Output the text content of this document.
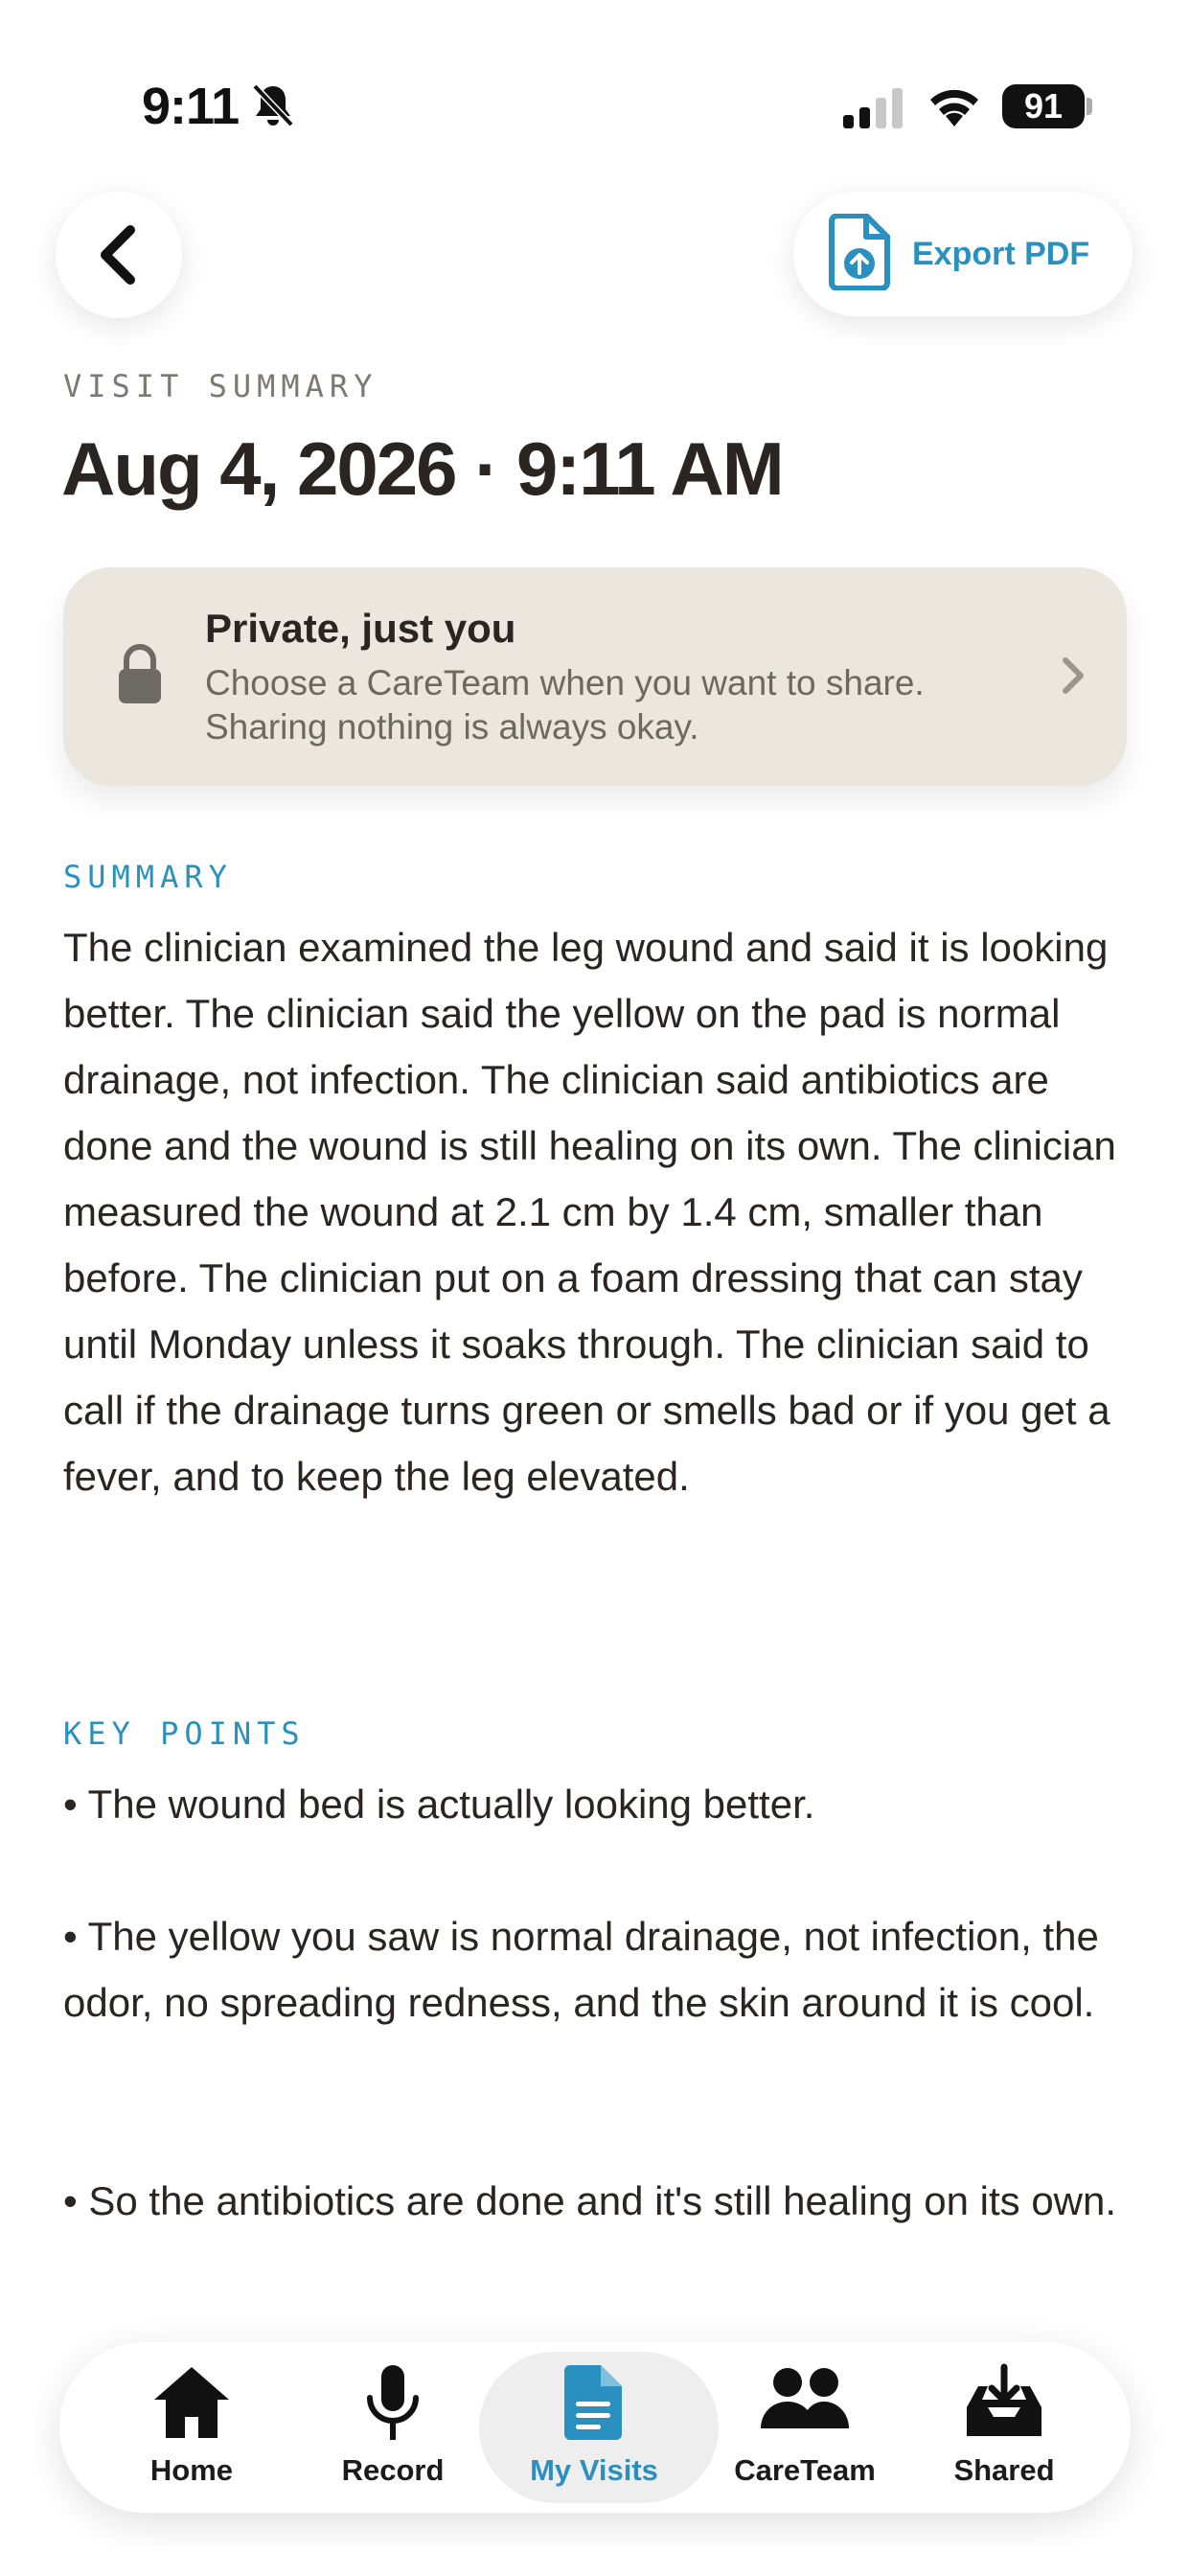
9:11	91
Export PDF
VISIT SUMMARY
Aug 4, 2026 · 9:11 AM
Private, just you
Choose a CareTeam when you want to share. Sharing nothing is always okay.
SUMMARY
The clinician examined the leg wound and said it is looking better. The clinician said the yellow on the pad is normal drainage, not infection. The clinician said antibiotics are done and the wound is still healing on its own. The clinician measured the wound at 2.1 cm by 1.4 cm, smaller than before. The clinician put on a foam dressing that can stay until Monday unless it soaks through. The clinician said to call if the drainage turns green or smells bad or if you get a fever, and to keep the leg elevated.
KEY POINTS
• The wound bed is actually looking better.
• The yellow you saw is normal drainage, not infection, the odor, no spreading redness, and the skin around it is cool.
• So the antibiotics are done and it's still healing on its own.
Home	Record	My Visits	CareTeam	Shared
